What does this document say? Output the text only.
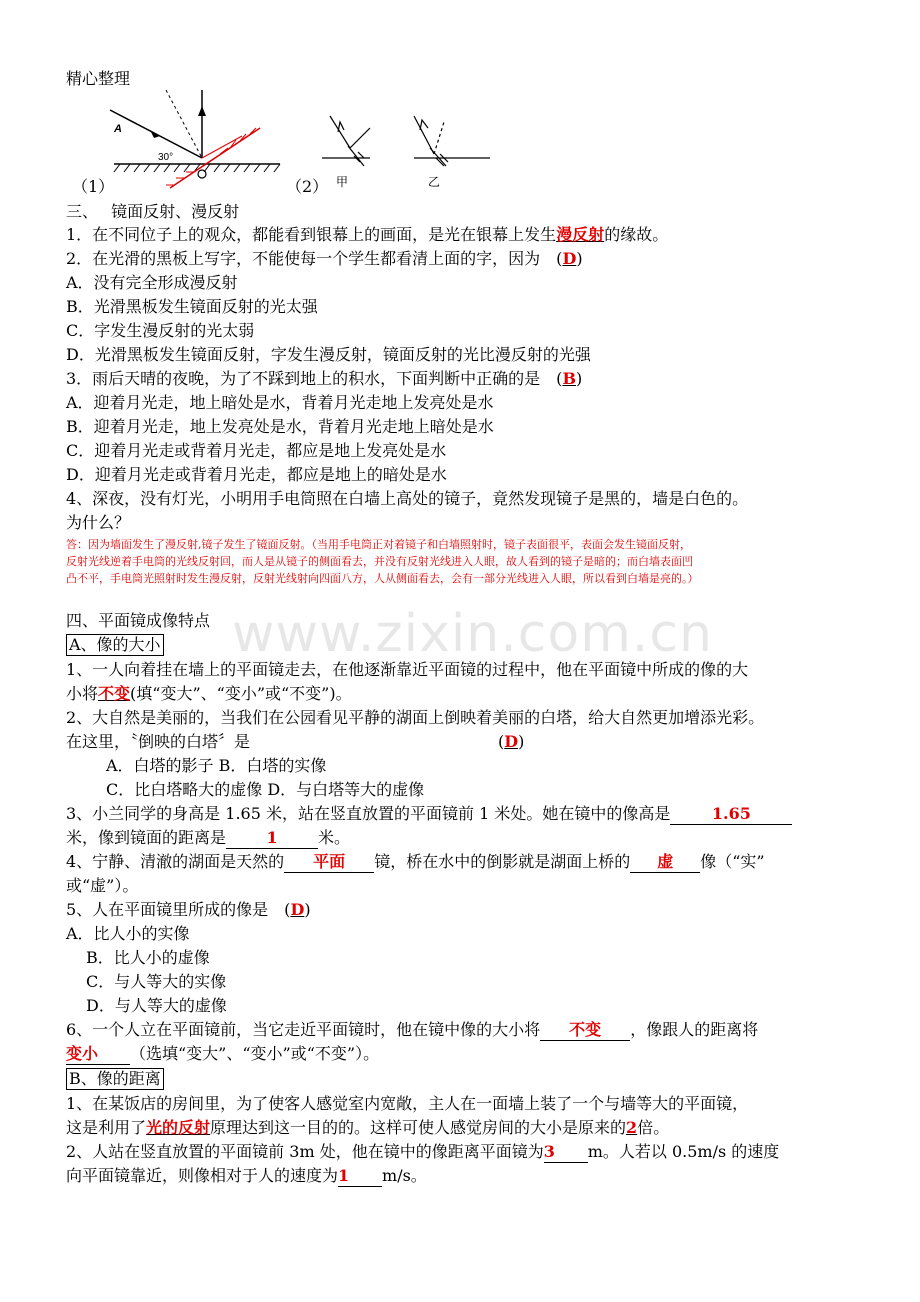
精心整理
A
30°
（1）	（2） 甲	乙
三、　 镜面反射、漫反射
1．在不同位子上的观众，都能看到银幕上的画面，是光在银幕上发生漫反射的缘故。
2．在光滑的黑板上写字，不能使每一个学生都看清上面的字，因为　(D)
A．没有完全形成漫反射
B．光滑黑板发生镜面反射的光太强
C．字发生漫反射的光太弱
D．光滑黑板发生镜面反射，字发生漫反射，镜面反射的光比漫反射的光强
3．雨后天晴的夜晚，为了不踩到地上的积水，下面判断中正确的是　(B)
A．迎着月光走，地上暗处是水，背着月光走地上发亮处是水
B．迎着月光走，地上发亮处是水，背着月光走地上暗处是水
C．迎着月光走或背着月光走，都应是地上发亮处是水
D．迎着月光走或背着月光走，都应是地上的暗处是水
4、深夜，没有灯光，小明用手电筒照在白墙上高处的镜子，竟然发现镜子是黑的，墙是白色的。
为什么？
答：因为墙面发生了漫反射,镜子发生了镜面反射。（当用手电筒正对着镜子和白墙照射时，镜子表面很平，表面会发生镜面反射，
反射光线逆着手电筒的光线反射回，而人是从镜子的侧面看去，并没有反射光线进入人眼，故人看到的镜子是暗的；而白墙表面凹
凸不平，手电筒光照射时发生漫反射，反射光线射向四面八方，人从侧面看去，会有一部分光线进入人眼，所以看到白墙是亮的。）
四、平面镜成像特点
A、像的大小
1、一人向着挂在墙上的平面镜走去，在他逐渐靠近平面镜的过程中，他在平面镜中所成的像的大
小将不变(填“变大”、“变小”或“不变”)。
2、大自然是美丽的，当我们在公园看见平静的湖面上倒映着美丽的白塔，给大自然更加增添光彩。
在这里，〝倒映的白塔〞是	(D)
A．白塔的影子 B．白塔的实像
C．比白塔略大的虚像 D．与白塔等大的虚像
3、小兰同学的身高是 1.65 米，站在竖直放置的平面镜前 1 米处。她在镜中的像高是	1.65
米，像到镜面的距离是	1	米。
4、宁静、清澈的湖面是天然的 平面 镜，桥在水中的倒影就是湖面上桥的 虚 像（“实”
或“虚”）。
5、人在平面镜里所成的像是　(D)
A．比人小的实像
B．比人小的虚像
C．与人等大的实像
D．与人等大的虚像
6、一个人立在平面镜前，当它走近平面镜时，他在镜中像的大小将 不变 ，像跟人的距离将
变小 （选填“变大”、“变小”或“不变”）。
B、像的距离
1、在某饭店的房间里，为了使客人感觉室内宽敞，主人在一面墙上装了一个与墙等大的平面镜，
这是利用了光的反射原理达到这一目的的。这样可使人感觉房间的大小是原来的2倍。
2、人站在竖直放置的平面镜前 3m 处，他在镜中的像距离平面镜为3 m。人若以 0.5m/s 的速度
向平面镜靠近，则像相对于人的速度为1 m/s。
www.zixin.com.cn
